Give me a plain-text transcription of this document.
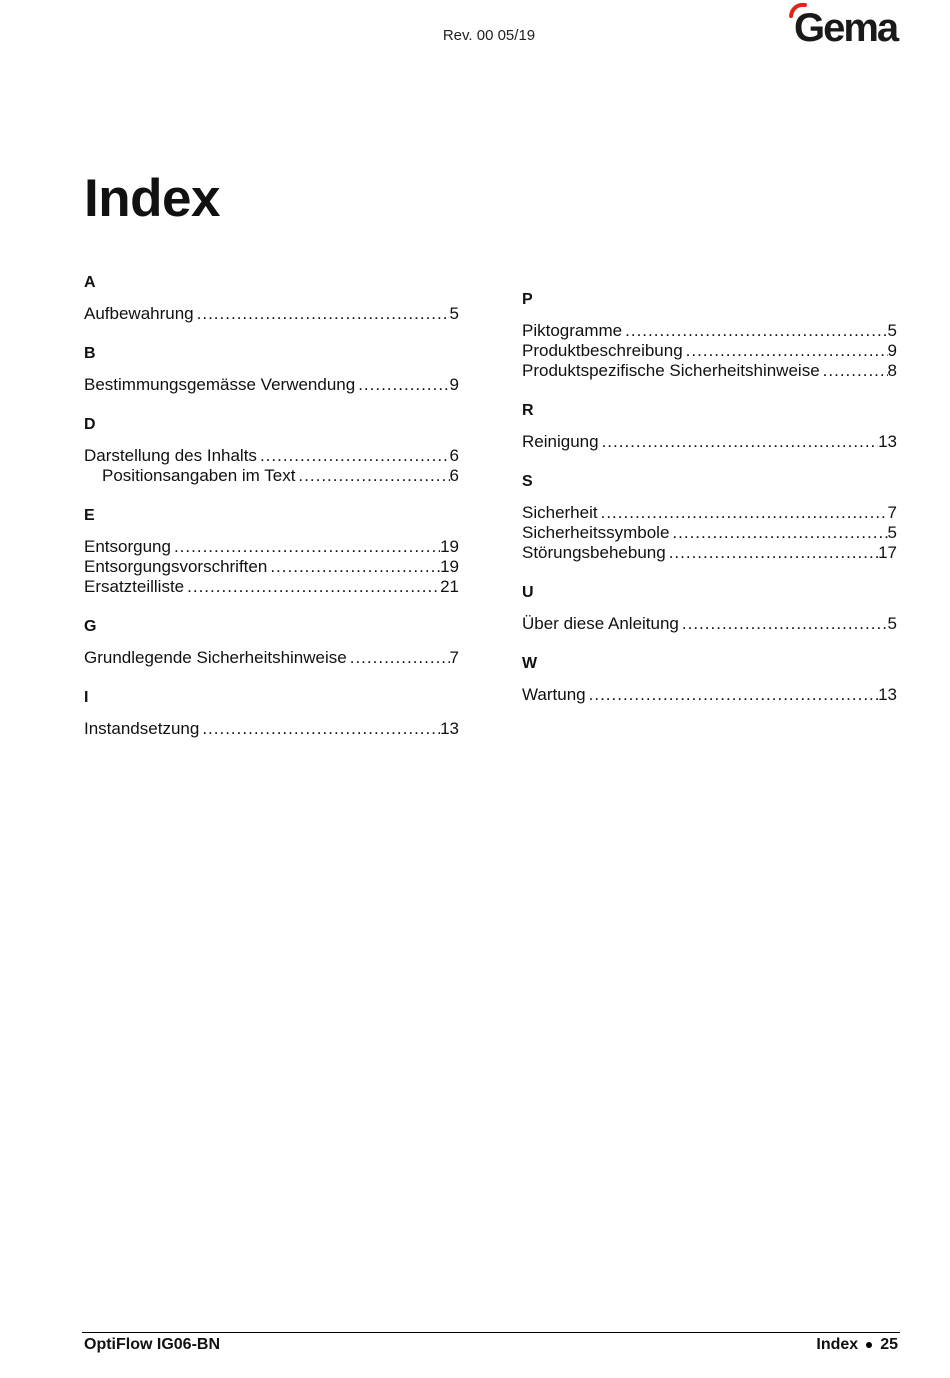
Rev. 00 05/19	Gema
Index
A
Aufbewahrung .....	5
B
Bestimmungsgemässe Verwendung .....	9
D
Darstellung des Inhalts .....	6
Positionsangaben im Text .....	6
E
Entsorgung .....	19
Entsorgungsvorschriften .....	19
Ersatzteilliste .....	21
G
Grundlegende Sicherheitshinweise .....	7
I
Instandsetzung .....	13
P
Piktogramme .....	5
Produktbeschreibung .....	9
Produktspezifische Sicherheitshinweise .....	8
R
Reinigung .....	13
S
Sicherheit .....	7
Sicherheitssymbole .....	5
Störungsbehebung .....	17
U
Über diese Anleitung .....	5
W
Wartung .....	13
OptiFlow IG06-BN	Index 25
